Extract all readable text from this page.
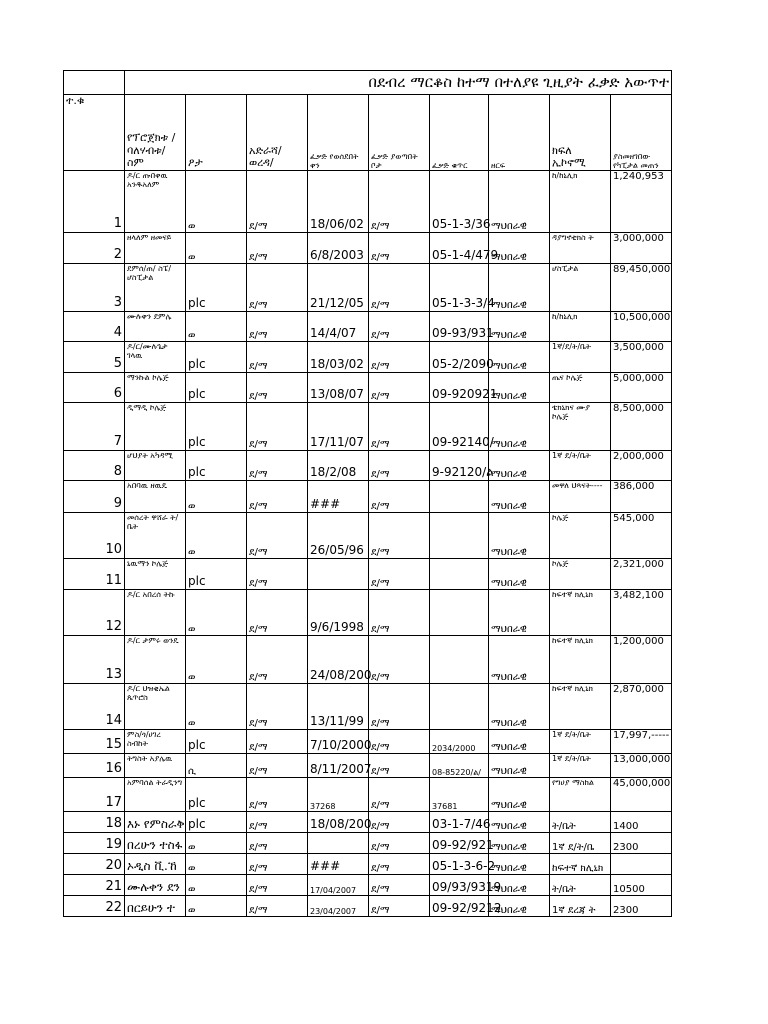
	በደብረ ማርቆስ ከተማ በተለያዩ ጊዚያት ፈቃድ አውጥተ								
ተ.ቁ	የፕሮጀክቱ /ባለሃብቱ/ ስም	ዖታ	አድራሻ/ ወረዳ/	ፈቃድ የወሰደበት ቀን	ፈቃድ ያወጣበት ቦታ	ፈቃድ ቁጥር	ዘርፍ	ክፍለ ኢኮኖሚ	ያስመዘገበው የካፒታል መጠን
1	ዶ/ር ጡበቀዉ አንዱአለም	ወ	ደ/ማ	18/06/02	ደ/ማ	05-1-3/36	ማህበራዊ	ከ/ከኒሊክ	1,240,953
2	ዘላለም ዘመናይ	ወ	ደ/ማ	6/8/2003	ደ/ማ	05-1-4/479	ማህበራዊ	ዳያግኖቲክስ ት	3,000,000
3	ደምሰ/ጠ/ ስፔ/ሆስፒታል	plc	ደ/ማ	21/12/05	ደ/ማ	05-1-3-3/4	ማህበራዊ	ሆስፒታል	89,450,000
4	ሙሉቀን ደምሌ	ወ	ደ/ማ	14/4/07	ደ/ማ	09-93/931	ማህበራዊ	ከ/ከኒሊክ	10,500,000
5	ዶ/ር/ሙሉጌታ ገላዉ	plc	ደ/ማ	18/03/02	ደ/ማ	05-2/2090	ማህበራዊ	1ኛ/ደ/ት/ቤት	3,500,000
6	ማንኩል ኮሌጅ	plc	ደ/ማ	13/08/07	ደ/ማ	09-920921	ማህበራዊ	ጤና ኮሌጅ	5,000,000
7	ዲማዲ ኮሌጅ	plc	ደ/ማ	17/11/07	ደ/ማ	09-92140/	ማህበራዊ	ቴክኒክና ሙያ ኮሌጅ	8,500,000
8	ሆህያት አካዳሚ	plc	ደ/ማ	18/2/08	ደ/ማ	9-92120/ል	ማህበራዊ	1ኛ ደ/ት/ቤት	2,000,000
9	አበባዉ ዘዉዴ	ወ	ደ/ማ	###	ደ/ማ		ማህበራዊ	መዋለ ህጻናት----	386,000
10	መሰረት ዋሸራ ት/ቤት	ወ	ደ/ማ	26/05/96	ደ/ማ		ማህበራዊ	ኮሌጅ	545,000
11	ኒዉማን ኮሌጅ	plc	ደ/ማ		ደ/ማ		ማህበራዊ	ኮሌጅ	2,321,000
12	ዶ/ር አበረሰ ትኩ	ወ	ደ/ማ	9/6/1998	ደ/ማ		ማህበራዊ	ከፍተኛ ክሊኒክ	3,482,100
13	ዶ/ር ታምሩ ወንዴ	ወ	ደ/ማ	24/08/200	ደ/ማ		ማህበራዊ	ከፍተኛ ክሊኒክ	1,200,000
14	ዶ/ር ህዝቂኤል ጴጥሮስ	ወ	ደ/ማ	13/11/99	ደ/ማ		ማህበራዊ	ከፍተኛ ክሊኒክ	2,870,000
15	ምስ/ጎ/ሀገረ ስብከት	plc	ደ/ማ	7/10/2000	ደ/ማ	2034/2000	ማህበራዊ	1ኛ ደ/ት/ቤት	17,997,-----
16	ትግስት አያሌዉ	ሲ	ደ/ማ	8/11/2007	ደ/ማ	08-85220/ል/	ማህበራዊ	1ኛ ደ/ት/ቤት	13,000,000
17	አምባሰል ትራዲንግ	plc	ደ/ማ	37268	ደ/ማ	37681	ማህበራዊ	የግሀያ ማስከል	45,000,000
18	እኑ የምስራቅ	plc	ደ/ማ	18/08/200	ደ/ማ	03-1-7/46	ማህበራዊ	ት/ቤት	1400
19	በረሁን ተስፋ	ወ	ደ/ማ		ደ/ማ	09-92/921	ማህበራዊ	1ኛ ደ/ት/ቤ	2300
20	ኦዲስ ቪ.ኸ	ወ	ደ/ማ	###	ደ/ማ	05-1-3-6-2	ማህበራዊ	ከፍተኛ ክሊኒክ	
21	ሙሉቀን ደን	ወ	ደ/ማ	17/04/2007	ደ/ማ	09/93/9319	ማህበራዊ	ት/ቤት	10500
22	በርይሁን ተ	ወ	ደ/ማ	23/04/2007	ደ/ማ	09-92/9212	ማህበራዊ	1ኛ ደረጃ ት	2300
